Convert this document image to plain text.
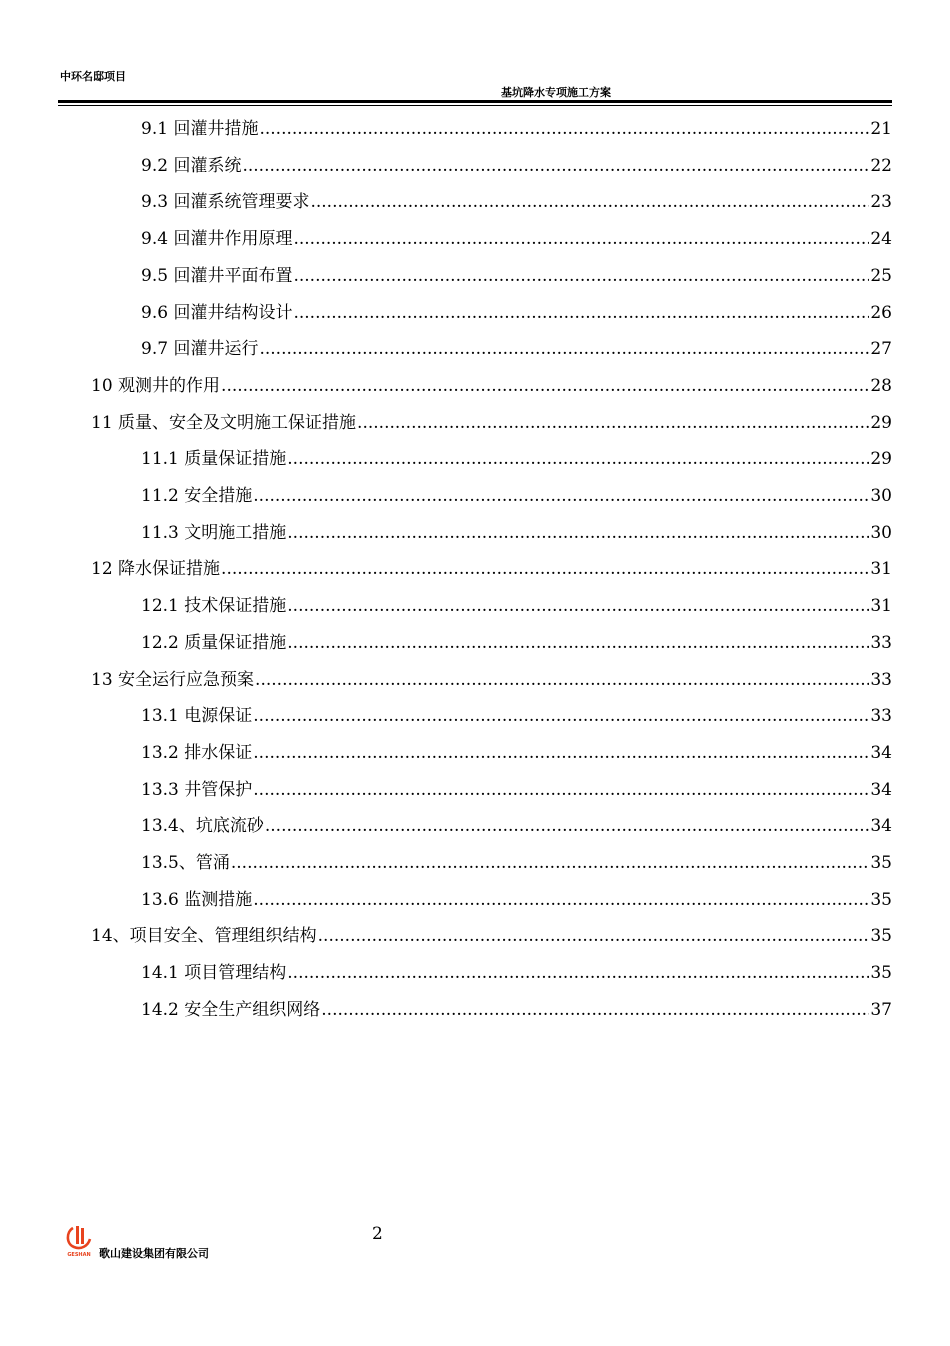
中环名邸项目
基坑降水专项施工方案
9.1 回灌井措施 .....	21
9.2 回灌系统 .....	22
9.3 回灌系统管理要求 .....	23
9.4 回灌井作用原理 .....	24
9.5 回灌井平面布置 .....	25
9.6 回灌井结构设计 .....	26
9.7 回灌井运行 .....	27
10 观测井的作用 .....	28
11 质量、安全及文明施工保证措施 .....	29
11.1 质量保证措施 .....	29
11.2 安全措施 .....	30
11.3 文明施工措施 .....	30
12 降水保证措施 .....	31
12.1 技术保证措施 .....	31
12.2 质量保证措施 .....	33
13 安全运行应急预案 .....	33
13.1 电源保证 .....	33
13.2 排水保证 .....	34
13.3 井管保护 .....	34
13.4、坑底流砂 .....	34
13.5、管涌 .....	35
13.6 监测措施 .....	35
14、项目安全、管理组织结构 .....	35
14.1 项目管理结构 .....	35
14.2 安全生产组织网络 .....	37
GESHAN
2
歌山建设集团有限公司
